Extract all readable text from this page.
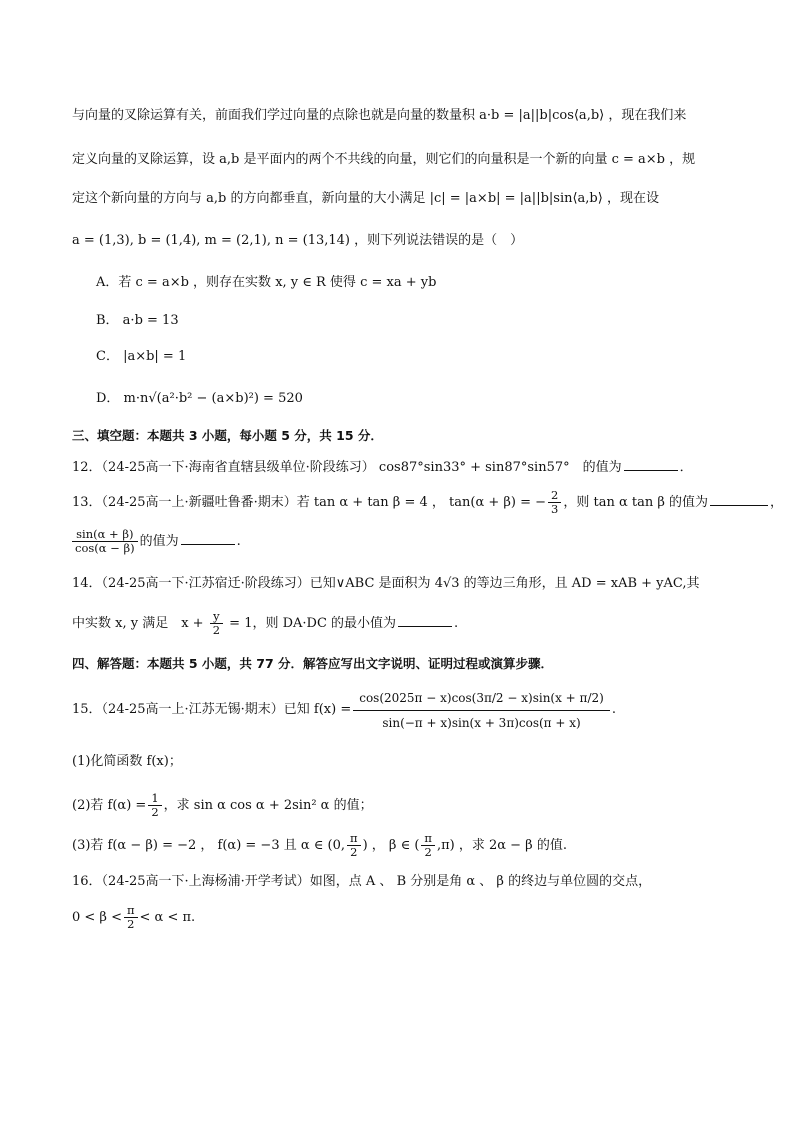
与向量的叉除运算有关，前面我们学过向量的点除也就是向量的数量积 a·b = |a||b|cos⟨a,b⟩ ，现在我们来
定义向量的叉除运算，设 a,b 是平面内的两个不共线的向量，则它们的向量积是一个新的向量 c = a×b ，规
定这个新向量的方向与 a,b 的方向都垂直，新向量的大小满足 |c| = |a×b| = |a||b|sin⟨a,b⟩ ，现在设
a = (1,3), b = (1,4), m = (2,1), n = (13,14) ，则下列说法错误的是（　）
A．若 c = a×b ，则存在实数 x, y ∈ R 使得 c = xa + yb
B． a·b = 13
C． |a×b| = 1
D． m·n√(a²·b² − (a×b)²) = 520
三、填空题：本题共 3 小题，每小题 5 分，共 15 分．
12．（24-25高一下·海南省直辖县级单位·阶段练习） cos87°sin33° + sin87°sin57°　的值为	．
13．（24-25高一上·新疆吐鲁番·期末）若 tan α + tan β = 4 ， tan(α + β) = − $\frac{2}{3}$ ，则 tan α tan β 的值为	，
$\frac{\sin(\alpha + \beta)}{\cos(\alpha - \beta)}$ 的值为	.
14．（24-25高一下·江苏宿迁·阶段练习）已知∨ABC 是面积为 4√3 的等边三角形，且 AD = xAB + yAC,其
中实数 x, y 满足　$x + \frac{y}{2} = 1$，则 DA·DC 的最小值为	.
四、解答题：本题共 5 小题，共 77 分．解答应写出文字说明、证明过程或演算步骤．
15．（24-25高一上·江苏无锡·期末）已知 $f(x) = \frac{\cos(2025\pi - x)\cos(3\pi/2 - x)\sin(x + \pi/2)}{\sin(-\pi + x)\sin(x + 3\pi)\cos(\pi + x)}$ .
(1)化简函数 f(x)；
(2)若 $f(\alpha) = \frac{1}{2}$ ，求 sin α cos α + 2sin² α 的值；
(3)若 f(α − β) = −2 ， f(α) = −3 且 α ∈ (0, $\frac{\pi}{2}$ ) ， β ∈ ( $\frac{\pi}{2} ,\pi$) ，求 2α − β 的值.
16．（24-25高一下·上海杨浦·开学考试）如图，点 A 、 B 分别是角 α 、 β 的终边与单位圆的交点，
$0 < \beta < \frac{\pi}{2} < \alpha < \pi$.
